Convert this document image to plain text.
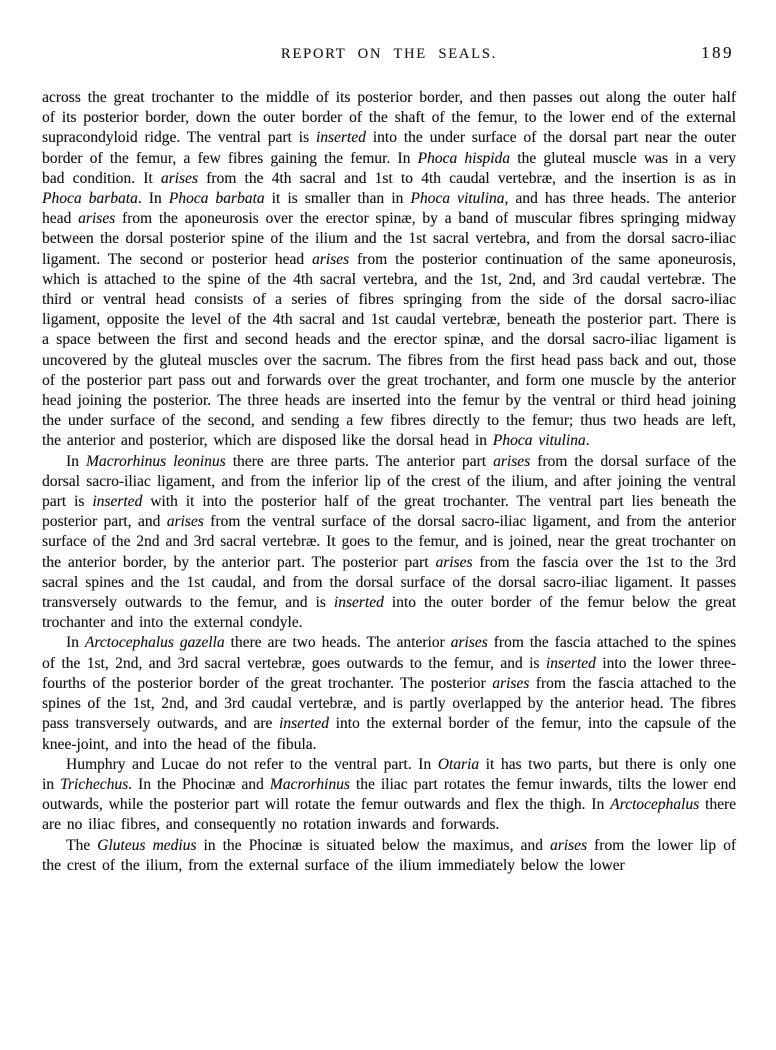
REPORT ON THE SEALS.	189

across the great trochanter to the middle of its posterior border, and then passes out along the outer half of its posterior border, down the outer border of the shaft of the femur, to the lower end of the external supracondyloid ridge. The ventral part is inserted into the under surface of the dorsal part near the outer border of the femur, a few fibres gaining the femur. In Phoca hispida the gluteal muscle was in a very bad condition. It arises from the 4th sacral and 1st to 4th caudal vertebræ, and the insertion is as in Phoca barbata. In Phoca barbata it is smaller than in Phoca vitulina, and has three heads. The anterior head arises from the aponeurosis over the erector spinæ, by a band of muscular fibres springing midway between the dorsal posterior spine of the ilium and the 1st sacral vertebra, and from the dorsal sacro-iliac ligament. The second or posterior head arises from the posterior continuation of the same aponeurosis, which is attached to the spine of the 4th sacral vertebra, and the 1st, 2nd, and 3rd caudal vertebræ. The third or ventral head consists of a series of fibres springing from the side of the dorsal sacro-iliac ligament, opposite the level of the 4th sacral and 1st caudal vertebræ, beneath the posterior part. There is a space between the first and second heads and the erector spinæ, and the dorsal sacro-iliac ligament is uncovered by the gluteal muscles over the sacrum. The fibres from the first head pass back and out, those of the posterior part pass out and forwards over the great trochanter, and form one muscle by the anterior head joining the posterior. The three heads are inserted into the femur by the ventral or third head joining the under surface of the second, and sending a few fibres directly to the femur; thus two heads are left, the anterior and posterior, which are disposed like the dorsal head in Phoca vitulina.

In Macrorhinus leoninus there are three parts. The anterior part arises from the dorsal surface of the dorsal sacro-iliac ligament, and from the inferior lip of the crest of the ilium, and after joining the ventral part is inserted with it into the posterior half of the great trochanter. The ventral part lies beneath the posterior part, and arises from the ventral surface of the dorsal sacro-iliac ligament, and from the anterior surface of the 2nd and 3rd sacral vertebræ. It goes to the femur, and is joined, near the great trochanter on the anterior border, by the anterior part. The posterior part arises from the fascia over the 1st to the 3rd sacral spines and the 1st caudal, and from the dorsal surface of the dorsal sacro-iliac ligament. It passes transversely outwards to the femur, and is inserted into the outer border of the femur below the great trochanter and into the external condyle.

In Arctocephalus gazella there are two heads. The anterior arises from the fascia attached to the spines of the 1st, 2nd, and 3rd sacral vertebræ, goes outwards to the femur, and is inserted into the lower three-fourths of the posterior border of the great trochanter. The posterior arises from the fascia attached to the spines of the 1st, 2nd, and 3rd caudal vertebræ, and is partly overlapped by the anterior head. The fibres pass transversely outwards, and are inserted into the external border of the femur, into the capsule of the knee-joint, and into the head of the fibula.

Humphry and Lucae do not refer to the ventral part. In Otaria it has two parts, but there is only one in Trichechus. In the Phocinæ and Macrorhinus the iliac part rotates the femur inwards, tilts the lower end outwards, while the posterior part will rotate the femur outwards and flex the thigh. In Arctocephalus there are no iliac fibres, and consequently no rotation inwards and forwards.

The Gluteus medius in the Phocinæ is situated below the maximus, and arises from the lower lip of the crest of the ilium, from the external surface of the ilium immediately below the lower
